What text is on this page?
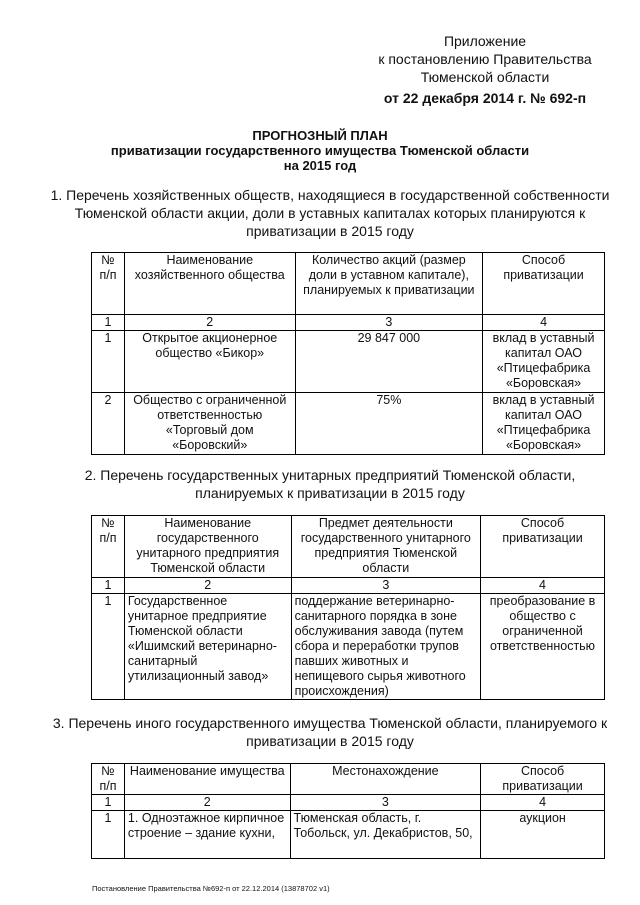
Приложение
к постановлению Правительства
Тюменской области
от 22 декабря 2014 г. № 692-п
ПРОГНОЗНЫЙ ПЛАН
приватизации государственного имущества Тюменской области
на 2015 год
1. Перечень хозяйственных обществ, находящиеся в государственной собственности Тюменской области акции, доли в уставных капиталах которых планируются к приватизации в 2015 году
№ п/п	Наименование хозяйственного общества	Количество акций (размер доли в уставном капитале), планируемых к приватизации	Способ приватизации
1	2	3	4
1	Открытое акционерное общество «Бикор»	29 847 000	вклад в уставный капитал ОАО «Птицефабрика «Боровская»
2	Общество с ограниченной ответственностью «Торговый дом «Боровский»	75%	вклад в уставный капитал ОАО «Птицефабрика «Боровская»
2. Перечень государственных унитарных предприятий Тюменской области, планируемых к приватизации в 2015 году
№ п/п	Наименование государственного унитарного предприятия Тюменской области	Предмет деятельности государственного унитарного предприятия Тюменской области	Способ приватизации
1	2	3	4
1	Государственное унитарное предприятие Тюменской области «Ишимский ветеринарно-санитарный утилизационный завод»	поддержание ветеринарно-санитарного порядка в зоне обслуживания завода (путем сбора и переработки трупов павших животных и непищевого сырья животного происхождения)	преобразование в общество с ограниченной ответственностью
3. Перечень иного государственного имущества Тюменской области, планируемого к приватизации в 2015 году
№ п/п	Наименование имущества	Местонахождение	Способ приватизации
1	2	3	4
1	1. Одноэтажное кирпичное строение – здание кухни,	Тюменская область, г. Тобольск, ул. Декабристов, 50,	аукцион
Постановление Правительства №692-п от 22.12.2014 (13878702 v1)
